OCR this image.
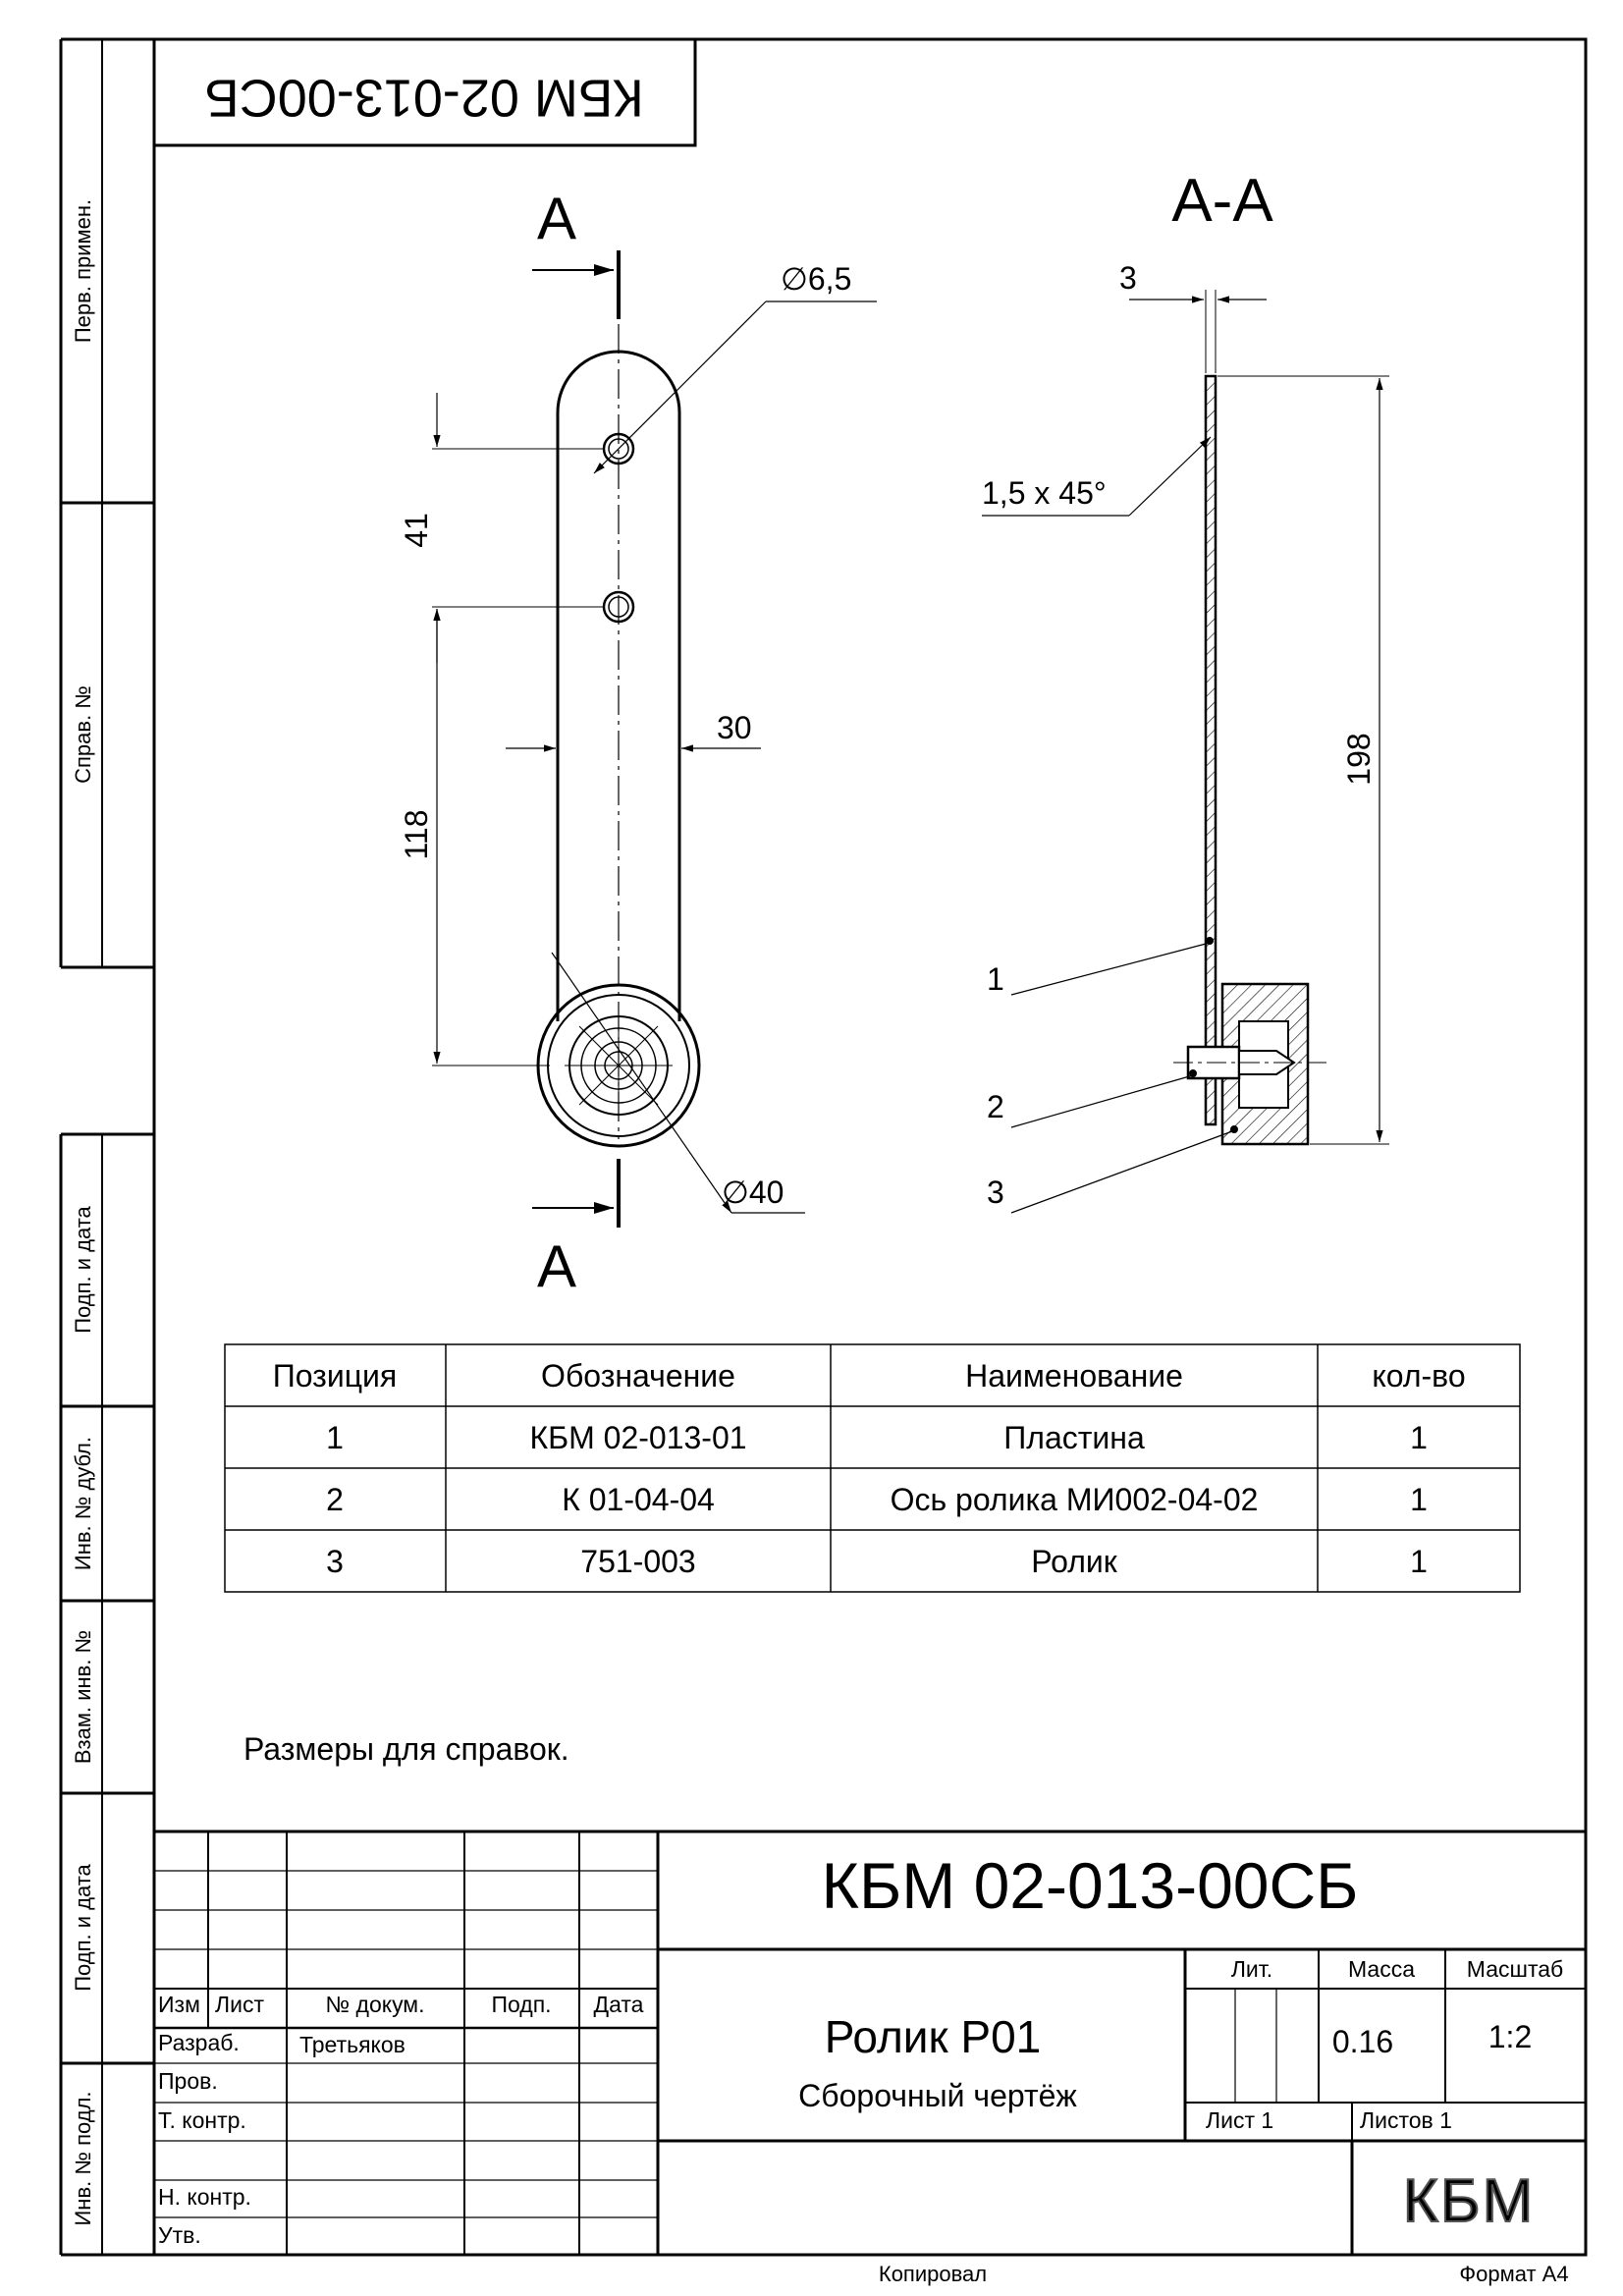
Перв. примен.
Справ. №
Подп. и дата
Инв. № дубл.
Взам. инв. №
Подп. и дата
Инв. № подл.
КБМ 02-013-00СБ
A
A
∅6,5
41
118
30
∅40
A-A
3
1,5 x 45°
198
1
2
3
Позиция	Обозначение	Наименование	кол-во
1	КБМ 02-013-01	Пластина	1
2	К 01-04-04	Ось ролика МИ002-04-02	1
3	751-003	Ролик	1
Размеры для справок.
КБМ 02-013-00СБ
Ролик Р01
Сборочный чертёж
Изм Лист	№ докум.	Подп. Дата
Разраб.	Третьяков
Пров.
Т. контр.
Н. контр.
Утв.
Лит.	Масса Масштаб
Лист 1	Листов 1
0.16	1:2
КБМ
Копировал	Формат А4
